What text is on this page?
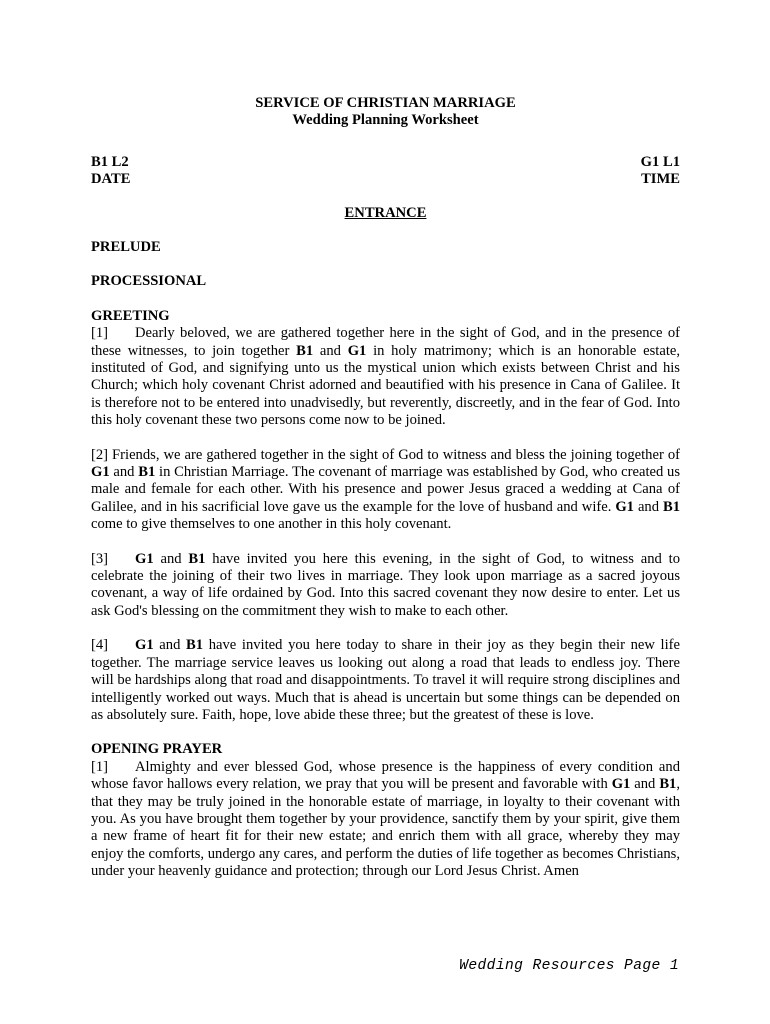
SERVICE OF CHRISTIAN MARRIAGE
Wedding Planning Worksheet
B1 L2
DATE
G1 L1
TIME
ENTRANCE
PRELUDE
PROCESSIONAL
GREETING
[1] Dearly beloved, we are gathered together here in the sight of God, and in the presence of these witnesses, to join together B1 and G1 in holy matrimony; which is an honorable estate, instituted of God, and signifying unto us the mystical union which exists between Christ and his Church; which holy covenant Christ adorned and beautified with his presence in Cana of Galilee. It is therefore not to be entered into unadvisedly, but reverently, discreetly, and in the fear of God. Into this holy covenant these two persons come now to be joined.
[2] Friends, we are gathered together in the sight of God to witness and bless the joining together of G1 and B1 in Christian Marriage. The covenant of marriage was established by God, who created us male and female for each other. With his presence and power Jesus graced a wedding at Cana of Galilee, and in his sacrificial love gave us the example for the love of husband and wife. G1 and B1 come to give themselves to one another in this holy covenant.
[3] G1 and B1 have invited you here this evening, in the sight of God, to witness and to celebrate the joining of their two lives in marriage. They look upon marriage as a sacred joyous covenant, a way of life ordained by God. Into this sacred covenant they now desire to enter. Let us ask God's blessing on the commitment they wish to make to each other.
[4] G1 and B1 have invited you here today to share in their joy as they begin their new life together. The marriage service leaves us looking out along a road that leads to endless joy. There will be hardships along that road and disappointments. To travel it will require strong disciplines and intelligently worked out ways. Much that is ahead is uncertain but some things can be depended on as absolutely sure. Faith, hope, love abide these three; but the greatest of these is love.
OPENING PRAYER
[1] Almighty and ever blessed God, whose presence is the happiness of every condition and whose favor hallows every relation, we pray that you will be present and favorable with G1 and B1, that they may be truly joined in the honorable estate of marriage, in loyalty to their covenant with you. As you have brought them together by your providence, sanctify them by your spirit, give them a new frame of heart fit for their new estate; and enrich them with all grace, whereby they may enjoy the comforts, undergo any cares, and perform the duties of life together as becomes Christians, under your heavenly guidance and protection; through our Lord Jesus Christ. Amen
Wedding Resources Page 1
